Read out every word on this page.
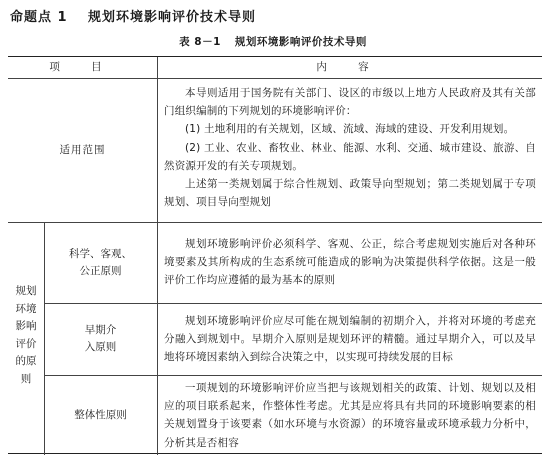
命题点 1 规划环境影响评价技术导则
表 8－1 规划环境影响评价技术导则
项 目	内 容
适用范围

本导则适用于国务院有关部门、设区的市级以上地方人民政府及其有关部门组织编制的下列规划的环境影响评价：

(1) 土地利用的有关规划，区域、流域、海域的建设、开发利用规划。

(2) 工业、农业、畜牧业、林业、能源、水利、交通、城市建设、旅游、自然资源开发的有关专项规划。

上述第一类规划属于综合性规划、政策导向型规划；第二类规划属于专项规划、项目导向型规划

规划环境影响评价的原则
科学、客观、
公正原则
规划环境影响评价必须科学、客观、公正，综合考虑规划实施后对各种环境要素及其所构成的生态系统可能造成的影响为决策提供科学依据。这是一般评价工作均应遵循的最为基本的原则
早期介
入原则
规划环境影响评价应尽可能在规划编制的初期介入，并将对环境的考虑充分融入到规划中。早期介入原则是规划环评的精髓。通过早期介入，可以及早地将环境因素纳入到综合决策之中，以实现可持续发展的目标
整体性原则
一项规划的环境影响评价应当把与该规划相关的政策、计划、规划以及相应的项目联系起来，作整体性考虑。尤其是应将具有共同的环境影响要素的相关规划置身于该要素（如水环境与水资源）的环境容量或环境承载力分析中，分析其是否相容
